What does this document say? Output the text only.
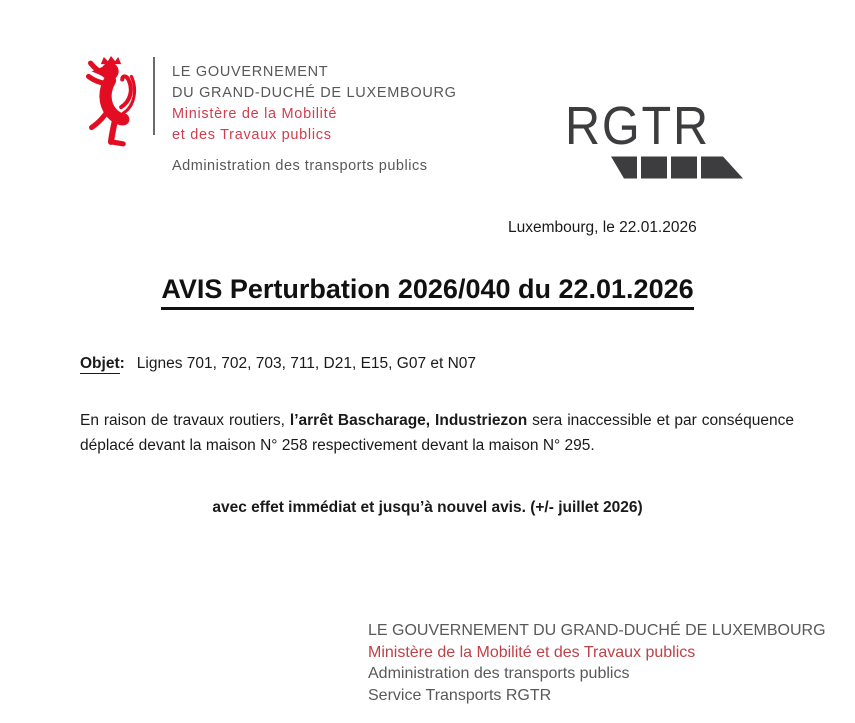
LE GOUVERNEMENT
DU GRAND-DUCHÉ DE LUXEMBOURG
Ministère de la Mobilité
et des Travaux publics
Administration des transports publics
RGTR
Luxembourg, le 22.01.2026
AVIS Perturbation 2026/040 du 22.01.2026
Objet: Lignes 701, 702, 703, 711, D21, E15, G07 et N07
En raison de travaux routiers, l’arrêt Bascharage, Industriezon sera inaccessible et par conséquence déplacé devant la maison N° 258 respectivement devant la maison N° 295.
avec effet immédiat et jusqu’à nouvel avis. (+/- juillet 2026)
LE GOUVERNEMENT DU GRAND-DUCHÉ DE LUXEMBOURG
Ministère de la Mobilité et des Travaux publics
Administration des transports publics
Service Transports RGTR
